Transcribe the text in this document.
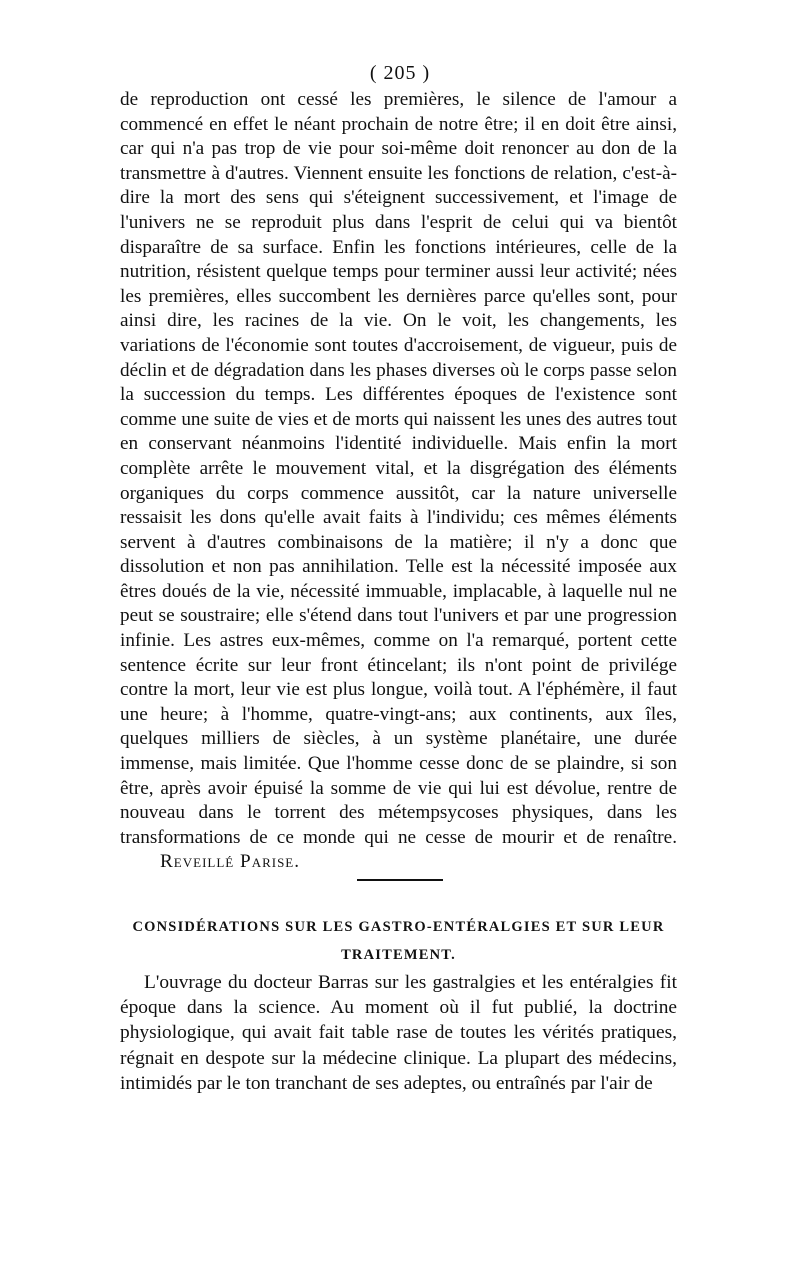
( 205 )

de reproduction ont cessé les premières, le silence de l'amour a commencé en effet le néant prochain de notre être; il en doit être ainsi, car qui n'a pas trop de vie pour soi-même doit renoncer au don de la transmettre à d'autres. Viennent ensuite les fonctions de relation, c'est-à-dire la mort des sens qui s'éteignent successivement, et l'image de l'univers ne se reproduit plus dans l'esprit de celui qui va bientôt disparaître de sa surface. Enfin les fonctions intérieures, celle de la nutrition, résistent quelque temps pour terminer aussi leur activité; nées les premières, elles succombent les dernières parce qu'elles sont, pour ainsi dire, les racines de la vie. On le voit, les changements, les variations de l'économie sont toutes d'accroisement, de vigueur, puis de déclin et de dégradation dans les phases diverses où le corps passe selon la succession du temps. Les différentes époques de l'existence sont comme une suite de vies et de morts qui naissent les unes des autres tout en conservant néanmoins l'identité individuelle. Mais enfin la mort complète arrête le mouvement vital, et la disgrégation des éléments organiques du corps commence aussitôt, car la nature universelle ressaisit les dons qu'elle avait faits à l'individu; ces mêmes éléments servent à d'autres combinaisons de la matière; il n'y a donc que dissolution et non pas annihilation. Telle est la nécessité imposée aux êtres doués de la vie, nécessité immuable, implacable, à laquelle nul ne peut se soustraire; elle s'étend dans tout l'univers et par une progression infinie. Les astres eux-mêmes, comme on l'a remarqué, portent cette sentence écrite sur leur front étincelant; ils n'ont point de privilége contre la mort, leur vie est plus longue, voilà tout. A l'éphémère, il faut une heure; à l'homme, quatre-vingt-ans; aux continents, aux îles, quelques milliers de siècles, à un système planétaire, une durée immense, mais limitée. Que l'homme cesse donc de se plaindre, si son être, après avoir épuisé la somme de vie qui lui est dévolue, rentre de nouveau dans le torrent des métempsycoses physiques, dans les transformations de ce monde qui ne cesse de mourir et de renaître. Reveillé Parise.

CONSIDÉRATIONS SUR LES GASTRO-ENTÉRALGIES ET SUR LEUR TRAITEMENT.

L'ouvrage du docteur Barras sur les gastralgies et les entéralgies fit époque dans la science. Au moment où il fut publié, la doctrine physiologique, qui avait fait table rase de toutes les vérités pratiques, régnait en despote sur la médecine clinique. La plupart des médecins, intimidés par le ton tranchant de ses adeptes, ou entraînés par l'air de
